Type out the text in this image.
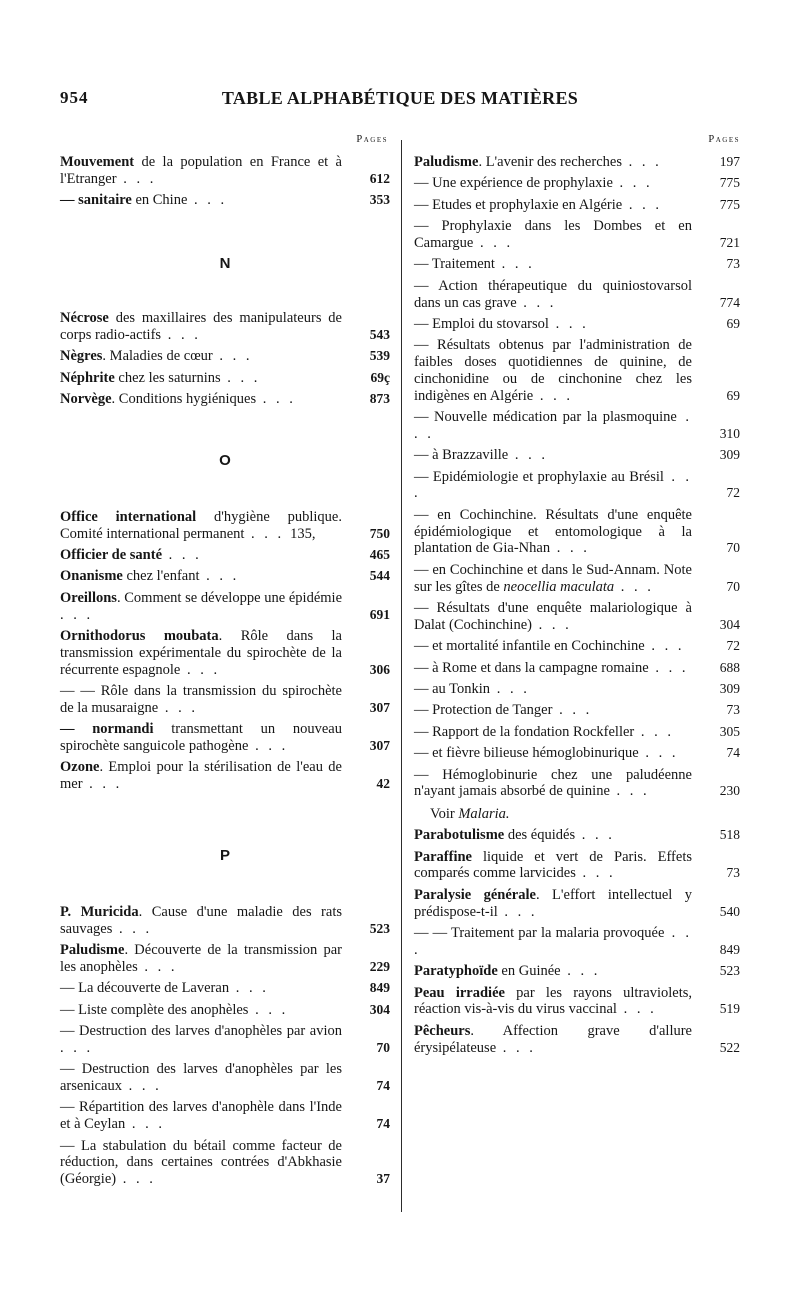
954	TABLE ALPHABÉTIQUE DES MATIÈRES
Pages
Mouvement de la population en France et à l'Etranger . . .	612
— sanitaire en Chine . . .	353
N
Nécrose des maxillaires des manipulateurs de corps radio-actifs . . .	543
Nègres. Maladies de cœur . . .	539
Néphrite chez les saturnins . . .	69ç
Norvège. Conditions hygiéniques . . .	873
O
Office international d'hygiène publique. Comité international permanent . . . 135,	750
Officier de santé . . .	465
Onanisme chez l'enfant . . .	544
Oreillons. Comment se développe une épidémie . . .	691
Ornithodorus moubata. Rôle dans la transmission expérimentale du spirochète de la récurrente espagnole . . .	306
— — Rôle dans la transmission du spirochète de la musaraigne . . .	307
— normandi transmettant un nouveau spirochète sanguicole pathogène . . .	307
Ozone. Emploi pour la stérilisation de l'eau de mer . . .	42
P
P. Muricida. Cause d'une maladie des rats sauvages . . .	523
Paludisme. Découverte de la transmission par les anophèles . . .	229
— La découverte de Laveran . . .	849
— Liste complète des anophèles . . .	304
— Destruction des larves d'anophèles par avion . . .	70
— Destruction des larves d'anophèles par les arsenicaux . . .	74
— Répartition des larves d'anophèle dans l'Inde et à Ceylan . . .	74
— La stabulation du bétail comme facteur de réduction, dans certaines contrées d'Abkhasie (Géorgie) . . .	37
Pages
Paludisme. L'avenir des recherches . . .	197
— Une expérience de prophylaxie . . .	775
— Etudes et prophylaxie en Algérie . . .	775
— Prophylaxie dans les Dombes et en Camargue . . .	721
— Traitement . . .	73
— Action thérapeutique du quiniostovarsol dans un cas grave . . .	774
— Emploi du stovarsol . . .	69
— Résultats obtenus par l'administration de faibles doses quotidiennes de quinine, de cinchonidine ou de cinchonine chez les indigènes en Algérie . . .	69
— Nouvelle médication par la plasmoquine . . .	310
— à Brazzaville . . .	309
— Epidémiologie et prophylaxie au Brésil . . .	72
— en Cochinchine. Résultats d'une enquête épidémiologique et entomologique à la plantation de Gia-Nhan . . .	70
— en Cochinchine et dans le Sud-Annam. Note sur les gîtes de neocellia maculata . . .	70
— Résultats d'une enquête malariologique à Dalat (Cochinchine) . . .	304
— et mortalité infantile en Cochinchine . . .	72
— à Rome et dans la campagne romaine . . . 688
— au Tonkin . . .	309
— Protection de Tanger . . .	73
— Rapport de la fondation Rockfeller . . .	305
— et fièvre bilieuse hémoglobinurique . . .	74
— Hémoglobinurie chez une paludéenne n'ayant jamais absorbé de quinine . . .	230
Voir Malaria.
Parabotulisme des équidés . . .	518
Paraffine liquide et vert de Paris. Effets comparés comme larvicides . . .	73
Paralysie générale. L'effort intellectuel y prédispose-t-il . . .	540
— — Traitement par la malaria provoquée . . .	849
Paratyphoïde en Guinée . . .	523
Peau irradiée par les rayons ultraviolets, réaction vis-à-vis du virus vaccinal . . .	519
Pêcheurs. Affection grave d'allure érysipélateuse . . .	522
